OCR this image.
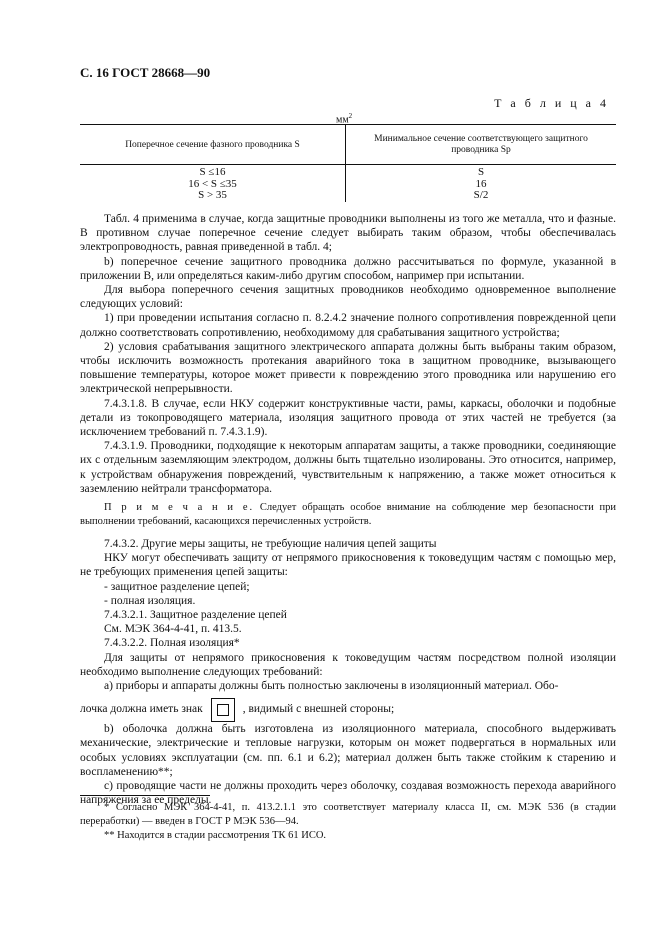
С. 16 ГОСТ 28668—90
Т а б л и ц а 4
$мм^2$
Поперечное сечение фазного проводника S
Минимальное сечение соответствующего защитного проводника Sp
S ≤16
16 < S ≤35
S > 35
S
16
S/2

Табл. 4 применима в случае, когда защитные проводники выполнены из того же металла, что и фазные. В противном случае поперечное сечение следует выбирать таким образом, чтобы обеспечивалась электропроводность, равная приведенной в табл. 4;

b) поперечное сечение защитного проводника должно рассчитываться по формуле, указанной в приложении B, или определяться каким-либо другим способом, например при испытании.

Для выбора поперечного сечения защитных проводников необходимо одновременное выполнение следующих условий:

1) при проведении испытания согласно п. 8.2.4.2 значение полного сопротивления поврежденной цепи должно соответствовать сопротивлению, необходимому для срабатывания защитного устройства;

2) условия срабатывания защитного электрического аппарата должны быть выбраны таким образом, чтобы исключить возможность протекания аварийного тока в защитном проводнике, вызывающего повышение температуры, которое может привести к повреждению этого проводника или нарушению его электрической непрерывности.

7.4.3.1.8. В случае, если НКУ содержит конструктивные части, рамы, каркасы, оболочки и подобные детали из токопроводящего материала, изоляция защитного провода от этих частей не требуется (за исключением требований п. 7.4.3.1.9).

7.4.3.1.9. Проводники, подходящие к некоторым аппаратам защиты, а также проводники, соединяющие их с отдельным заземляющим электродом, должны быть тщательно изолированы. Это относится, например, к устройствам обнаружения повреждений, чувствительным к напряжению, а также может относиться к заземлению нейтрали трансформатора.

П р и м е ч а н и е. Следует обращать особое внимание на соблюдение мер безопасности при выполнении требований, касающихся перечисленных устройств.

7.4.3.2. Другие меры защиты, не требующие наличия цепей защиты

НКУ могут обеспечивать защиту от непрямого прикосновения к токоведущим частям с помощью мер, не требующих применения цепей защиты:

- защитное разделение цепей;

- полная изоляция.

7.4.3.2.1. Защитное разделение цепей

См. МЭК 364-4-41, п. 413.5.

7.4.3.2.2. Полная изоляция*

Для защиты от непрямого прикосновения к токоведущим частям посредством полной изоляции необходимо выполнение следующих требований:

a) приборы и аппараты должны быть полностью заключены в изоляционный материал. Обо-

лочка должна иметь знак	, видимый с внешней стороны;

b) оболочка должна быть изготовлена из изоляционного материала, способного выдерживать механические, электрические и тепловые нагрузки, которым он может подвергаться в нормальных или особых условиях эксплуатации (см. пп. 6.1 и 6.2); материал должен быть также стойким к старению и воспламенению**;

c) проводящие части не должны проходить через оболочку, создавая возможность перехода аварийного напряжения за ее пределы.

* Согласно МЭК 364-4-41, п. 413.2.1.1 это соответствует материалу класса II, см. МЭК 536 (в стадии переработки) — введен в ГОСТ Р МЭК 536—94.

** Находится в стадии рассмотрения ТК 61 ИСО.
